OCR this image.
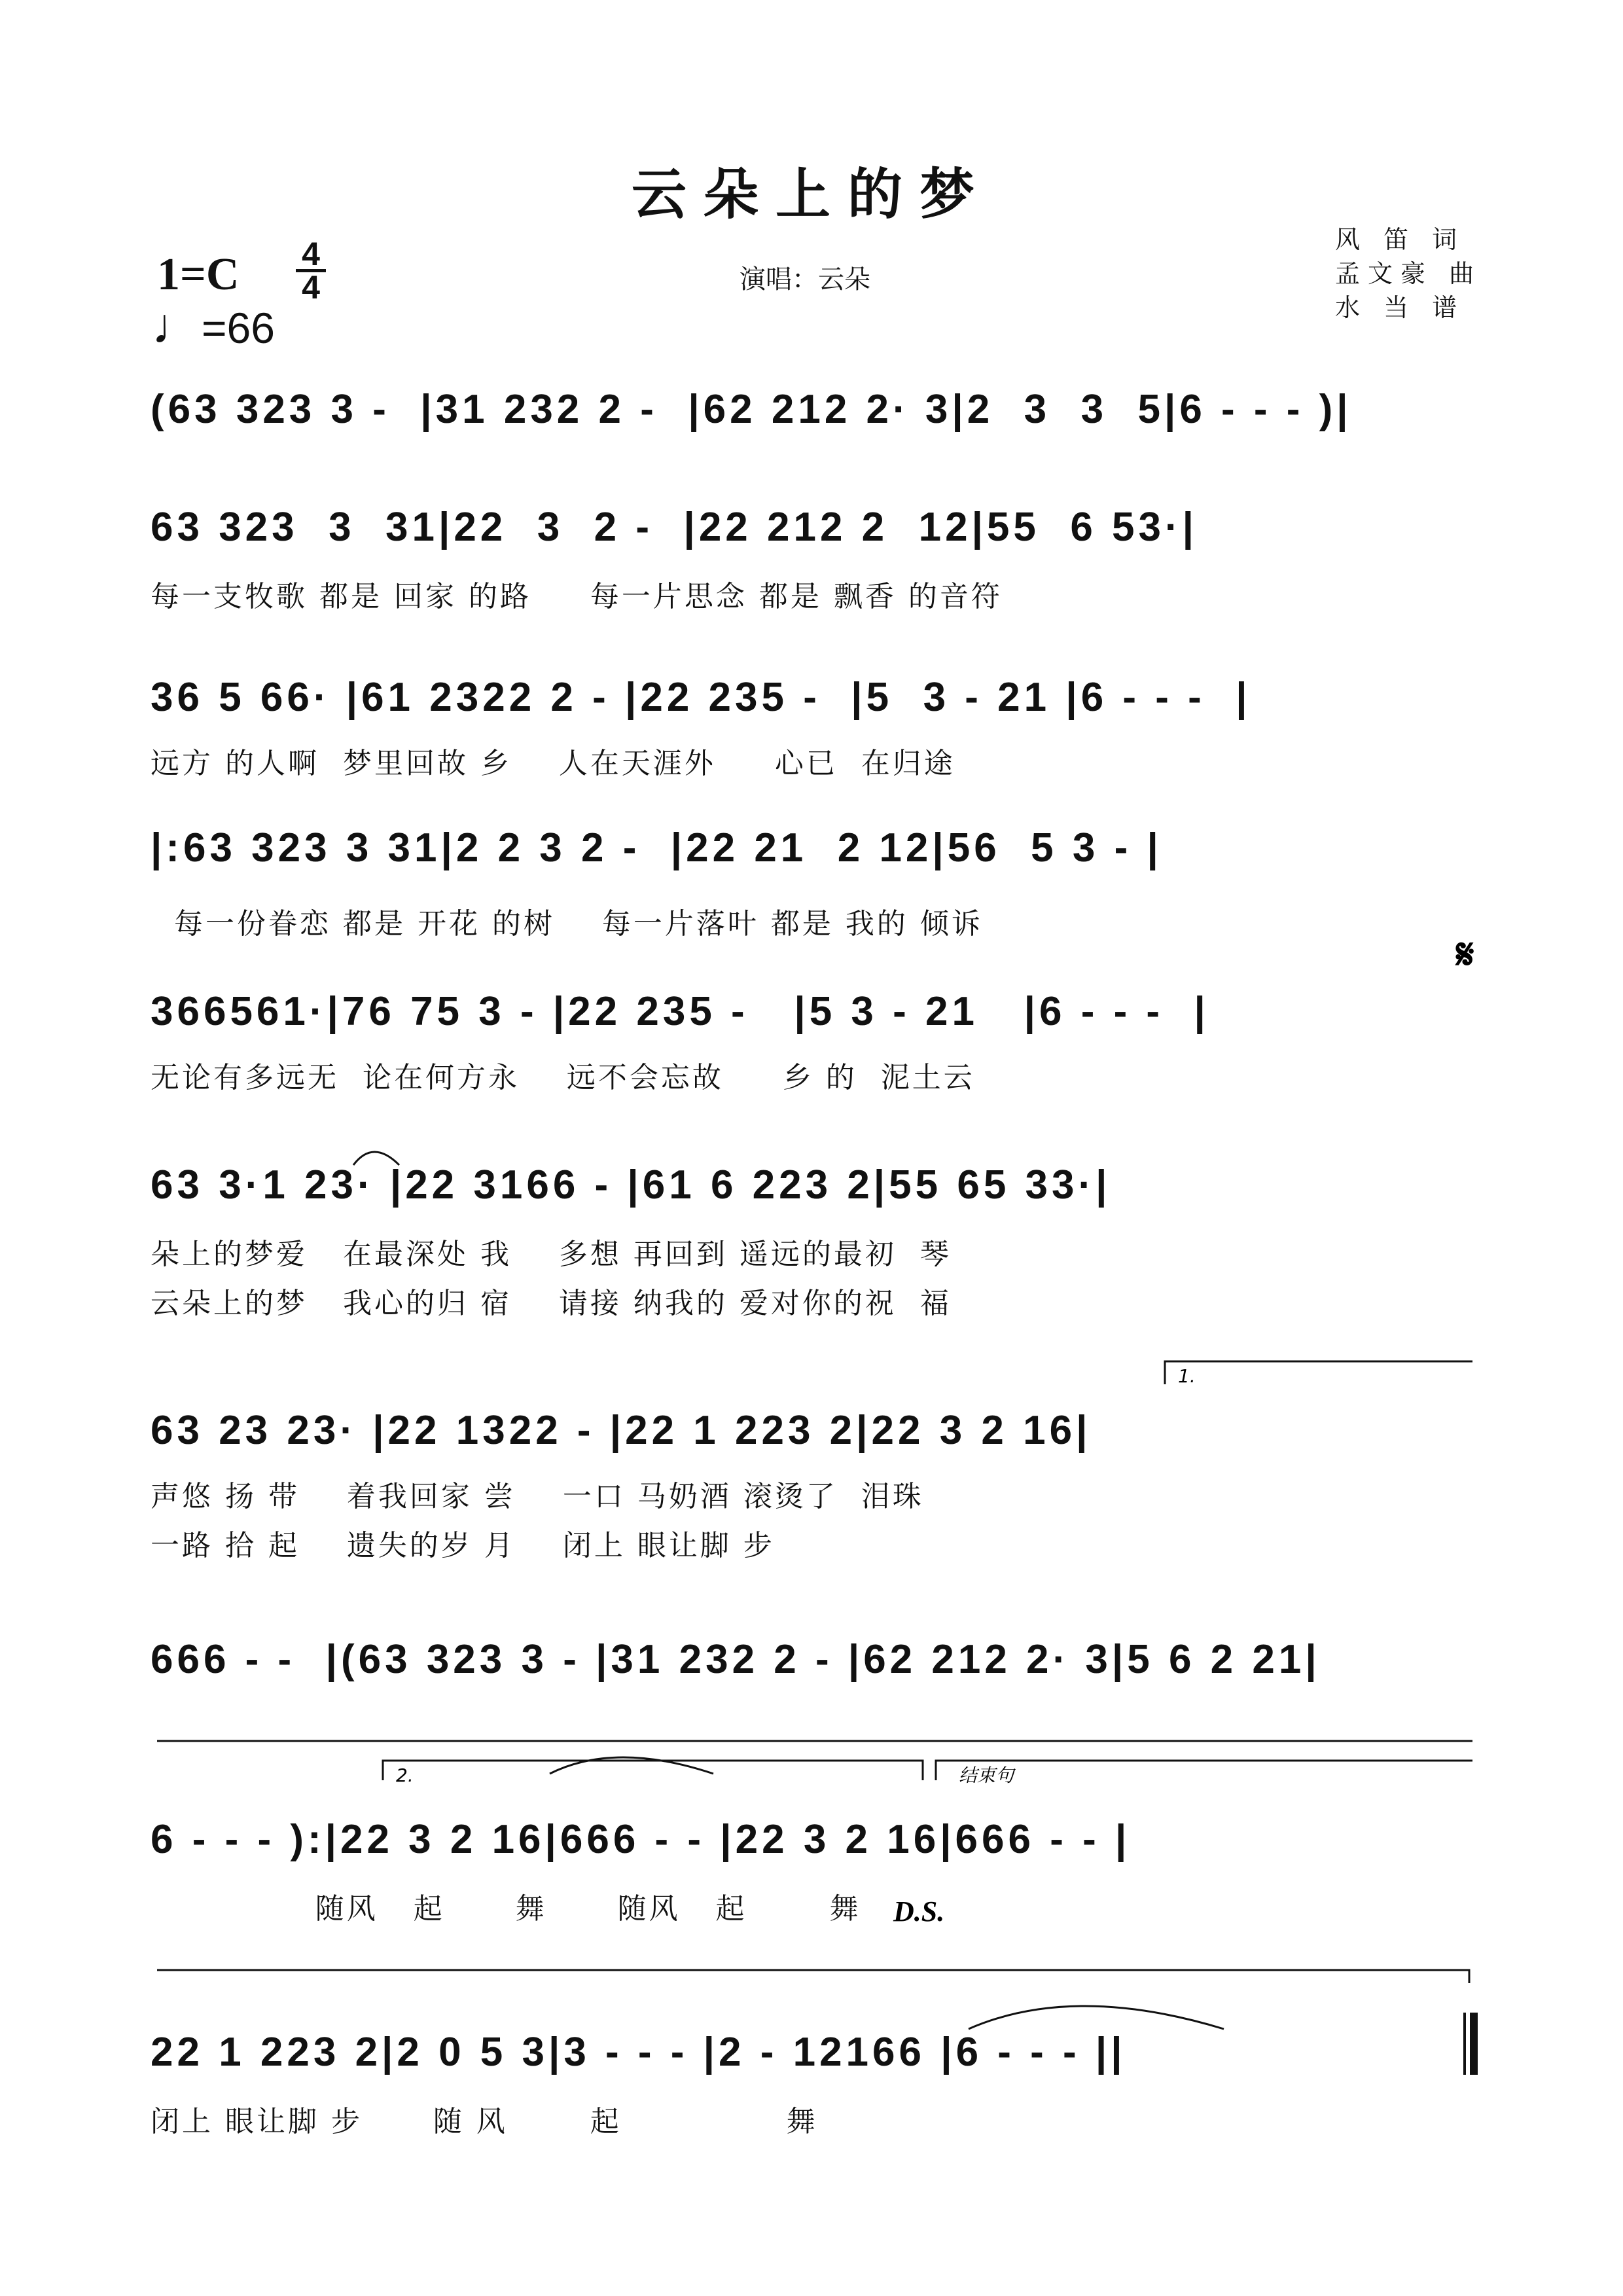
云朵上的梦
1=C 4
4
♩=66
演唱：云朵
风 笛 词
孟文豪 曲
水 当 谱
(63 323 3 -  |31 232 2 -  |62 212 2· 3|2  3  3  5|6 - - - )|
63 323  3  31|22  3  2 -  |22 212 2  12|55  6 53·|
每一支牧歌 都是 回家 的路     每一片思念 都是 飘香 的音符
36 5 66· |61 2322 2 - |22 235 -  |5  3 - 21 |6 - - -  |
远方 的人啊  梦里回故 乡    人在天涯外     心已  在归途
|:63 323 3 31|2 2 3 2 -  |22 21  2 12|56  5 3 - |
每一份眷恋 都是 开花 的树    每一片落叶 都是 我的 倾诉
366561·|76 75 3 - |22 235 -   |5 3 - 21   |6 - - -  |
无论有多远无  论在何方永    远不会忘故     乡 的  泥土云
63 3·1 23· |22 3166 - |61 6 223 2|55 65 33·|
朵上的梦爱   在最深处 我    多想 再回到 遥远的最初  琴
云朵上的梦   我心的归 宿    请接 纳我的 爱对你的祝  福
63 23 23· |22 1322 - |22 1 223 2|22 3 2 16|
声悠 扬 带    着我回家 尝    一口 马奶酒 滚烫了  泪珠
一路 拾 起    遗失的岁 月    闭上 眼让脚 步
666 - -  |(63 323 3 - |31 232 2 - |62 212 2· 3|5 6 2 21|
6 - - - ):|22 3 2 16|666 - - |22 3 2 16|666 - - |
随风   起      舞      随风   起       舞
22 1 223 2|2 0 5 3|3 - - - |2 - 12166 |6 - - - ||
闭上 眼让脚 步      随 风       起              舞
1.
2.	结束句
D.S.
𝄋
